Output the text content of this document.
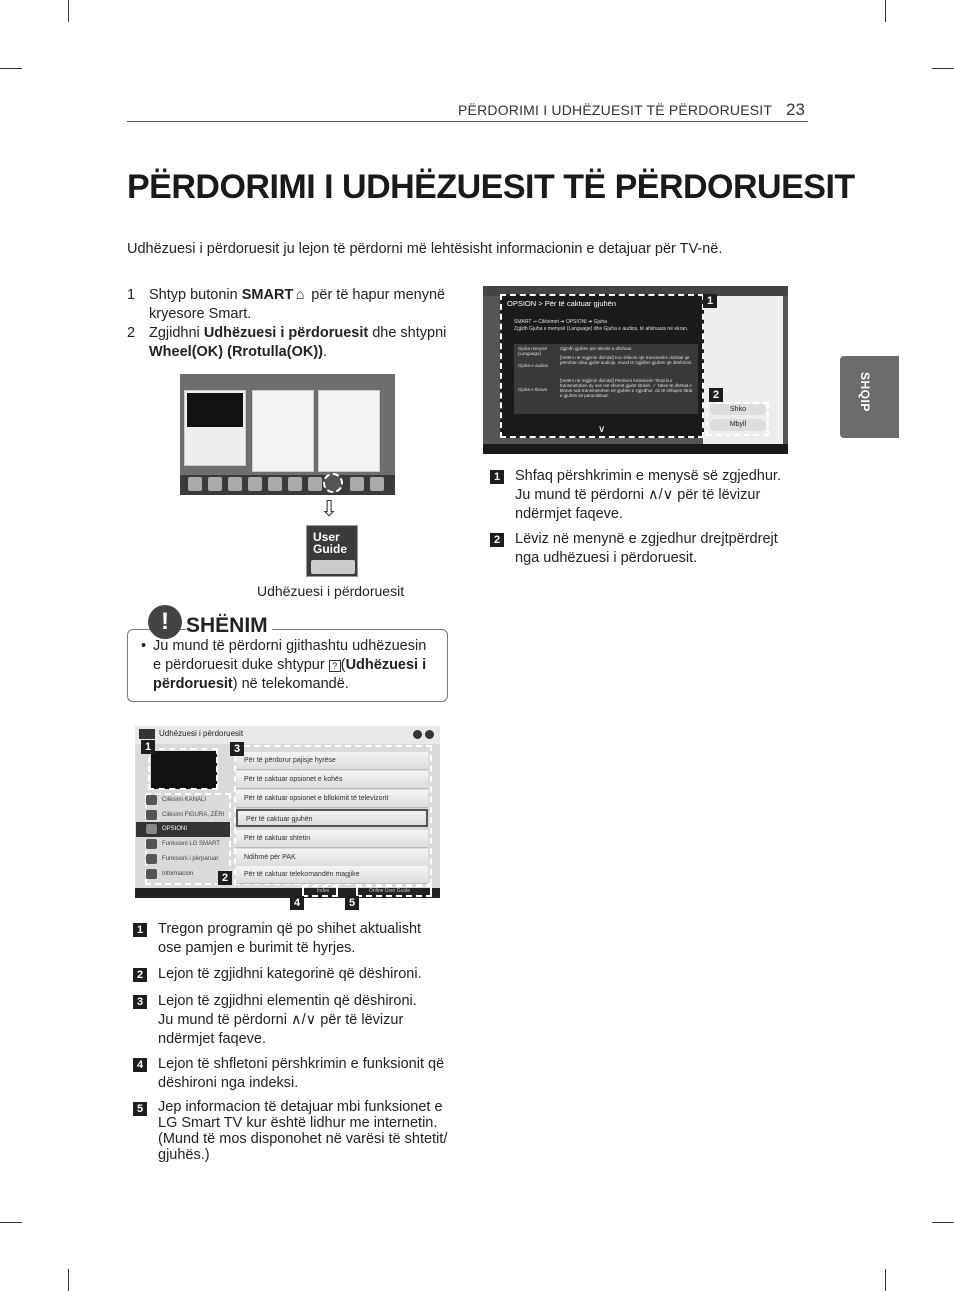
PËRDORIMI I UDHËZUESIT TË PËRDORUESIT 23
PËRDORIMI I UDHËZUESIT TË PËRDORUESIT

Udhëzuesi i përdoruesit ju lejon të përdorni më lehtësisht informacionin e detajuar për TV-në.

SHQIP
1 Shtyp butonin SMART ⌂ për të hapur menynë
kryesore Smart.
2 Zgjidhni Udhëzuesi i përdoruesit dhe shtypni
Wheel(OK) (Rrotulla(OK)).
⇩
User
Guide
Udhëzuesi i përdoruesit
! SHËNIM
• Ju mund të përdorni gjithashtu udhëzuesin
e përdoruesit duke shtypur ? (Udhëzuesi i
përdoruesit) në telekomandë.
Udhëzuesi i përdoruesit
Index	Online User Guide
Cilësimi KANALI
Cilësimi FIGURA, ZËRI
OPSIONI
Funksioni LG SMART
Funksioni i përparuar
Informacion
Për të përdorur pajisje hyrëse
Për të caktuar opsionet e kohës
Për të caktuar opsionet e bllokimit të televizorit
Për të caktuar gjuhën
Për të caktuar shtetin
Ndihmë për PAK
Për të caktuar telekomandën magjike
1
2
3
4	5
1 Tregon programin që po shihet aktualisht
ose pamjen e burimit të hyrjes.
2 Lejon të zgjidhni kategorinë që dëshironi.
3 Lejon të zgjidhni elementin që dëshironi.
Ju mund të përdorni ∧/∨ për të lëvizur
ndërmjet faqeve.
4 Lejon të shfletoni përshkrimin e funksionit që
dëshironi nga indeksi.
5 Jep informacion të detajuar mbi funksionet e
LG Smart TV kur është lidhur me internetin.
(Mund të mos disponohet në varësi të shtetit/
gjuhës.)
OPSION > Për të caktuar gjuhën
SMART ⇒ Cilësimet ➔ OPSIONI ➔ Gjuha
Zgjidh Gjuha e menysë (Language) dhe Gjuha e audios, të afishuara në ekran.
Gjuha menysë (Language)
Zgjedh gjuhën për tekstin e afishuar.
Gjuha e audios
[Vetëm në regjimin dixhital] Kur shikoni një transmetim dixhital që përmban disa gjuhë audioje, mund të zgjidhni gjuhën që dëshironi.
Gjuha e titrave
[Vetëm në regjimin dixhital] Përdorni funksionin Titrat kur transmetohen dy ose më shumë gjuhë titrash. ✓ Nëse të dhënat e titrave nuk transmetohen në gjuhën e zgjedhur, do të shfaqen titrat e gjuhës së paracaktuar.
∨
Shko
Mbyll
1
2
1 Shfaq përshkrimin e menysë së zgjedhur.
Ju mund të përdorni ∧/∨ për të lëvizur
ndërmjet faqeve.
2 Lëviz në menynë e zgjedhur drejtpërdrejt
nga udhëzuesi i përdoruesit.
